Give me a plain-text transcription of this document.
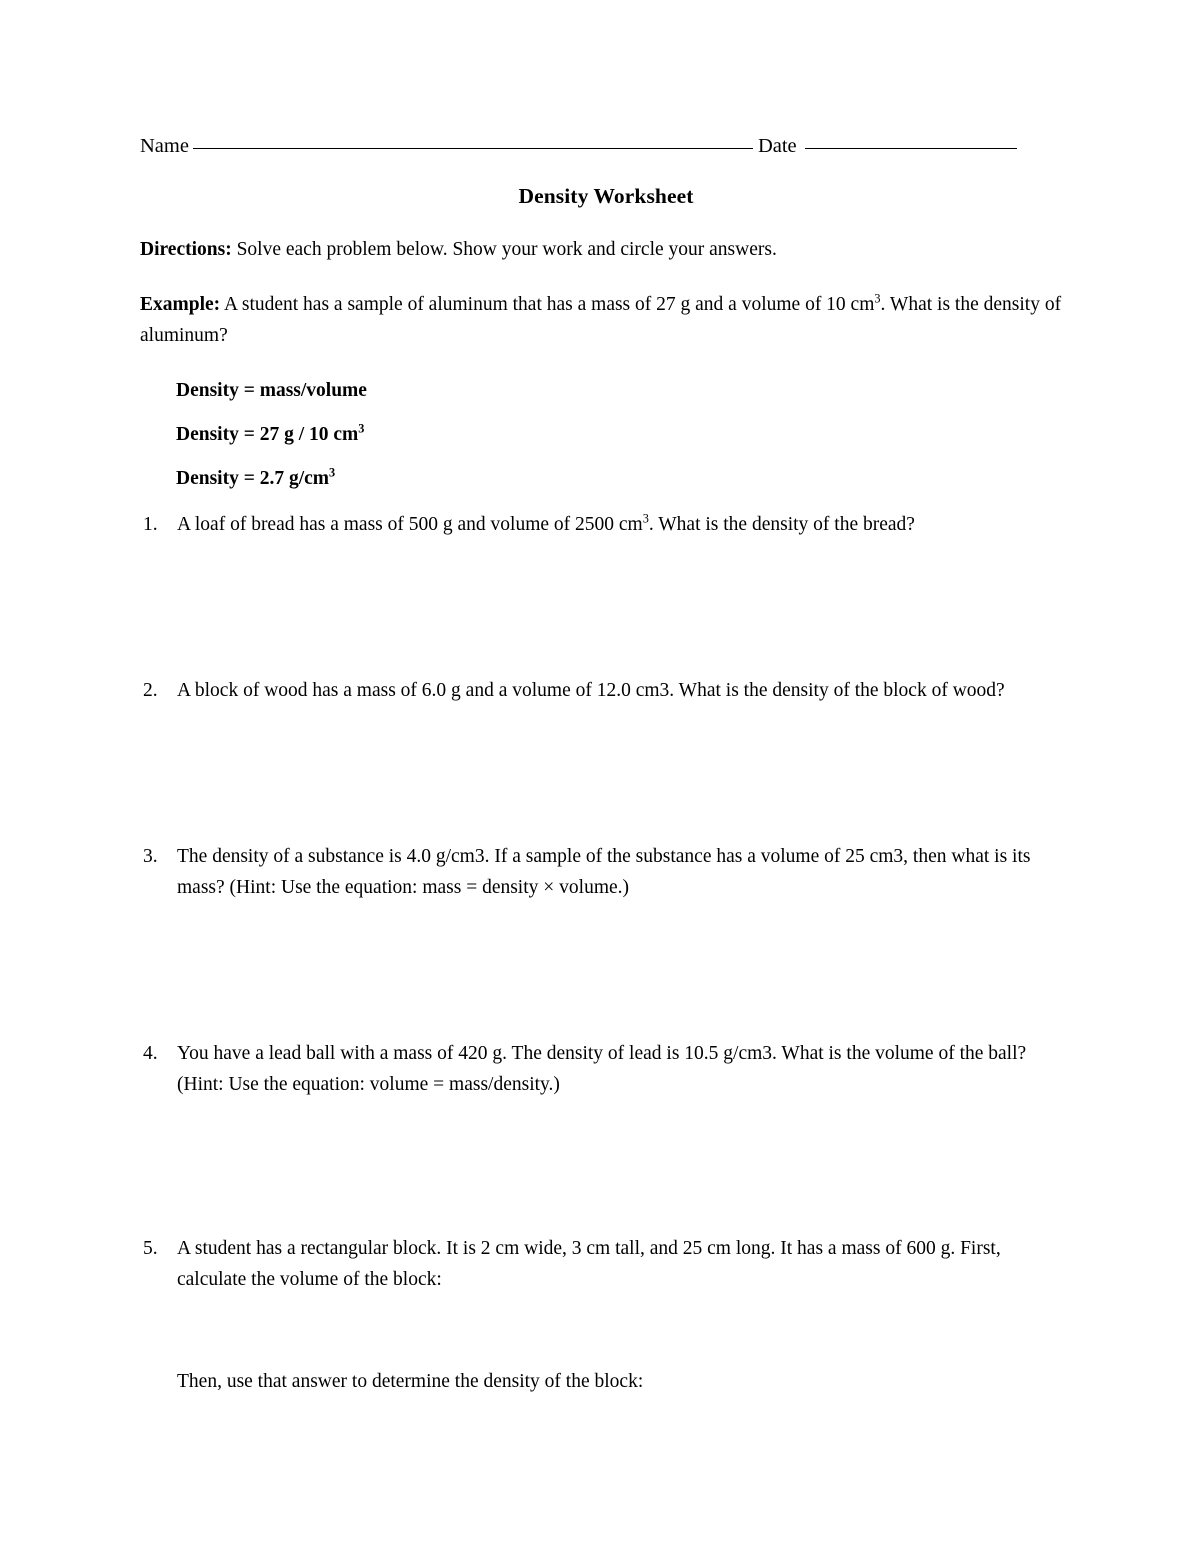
Name	Date
Density Worksheet
Directions: Solve each problem below. Show your work and circle your answers.
Example: A student has a sample of aluminum that has a mass of 27 g and a volume of 10 $cm^3$. What is the density of aluminum?
Density = mass/volume
Density = 27 g / 10 $cm^3$
Density = 2.7 $g/cm^3$
1. A loaf of bread has a mass of 500 g and volume of 2500 $cm^3$. What is the density of the bread?
2. A block of wood has a mass of 6.0 g and a volume of 12.0 cm3. What is the density of the block of wood?
3. The density of a substance is 4.0 g/cm3. If a sample of the substance has a volume of 25 cm3, then what is its mass? (Hint: Use the equation: mass = density × volume.)
4. You have a lead ball with a mass of 420 g. The density of lead is 10.5 g/cm3. What is the volume of the ball? (Hint: Use the equation: volume = mass/density.)
5. A student has a rectangular block. It is 2 cm wide, 3 cm tall, and 25 cm long. It has a mass of 600 g. First, calculate the volume of the block:
Then, use that answer to determine the density of the block:
